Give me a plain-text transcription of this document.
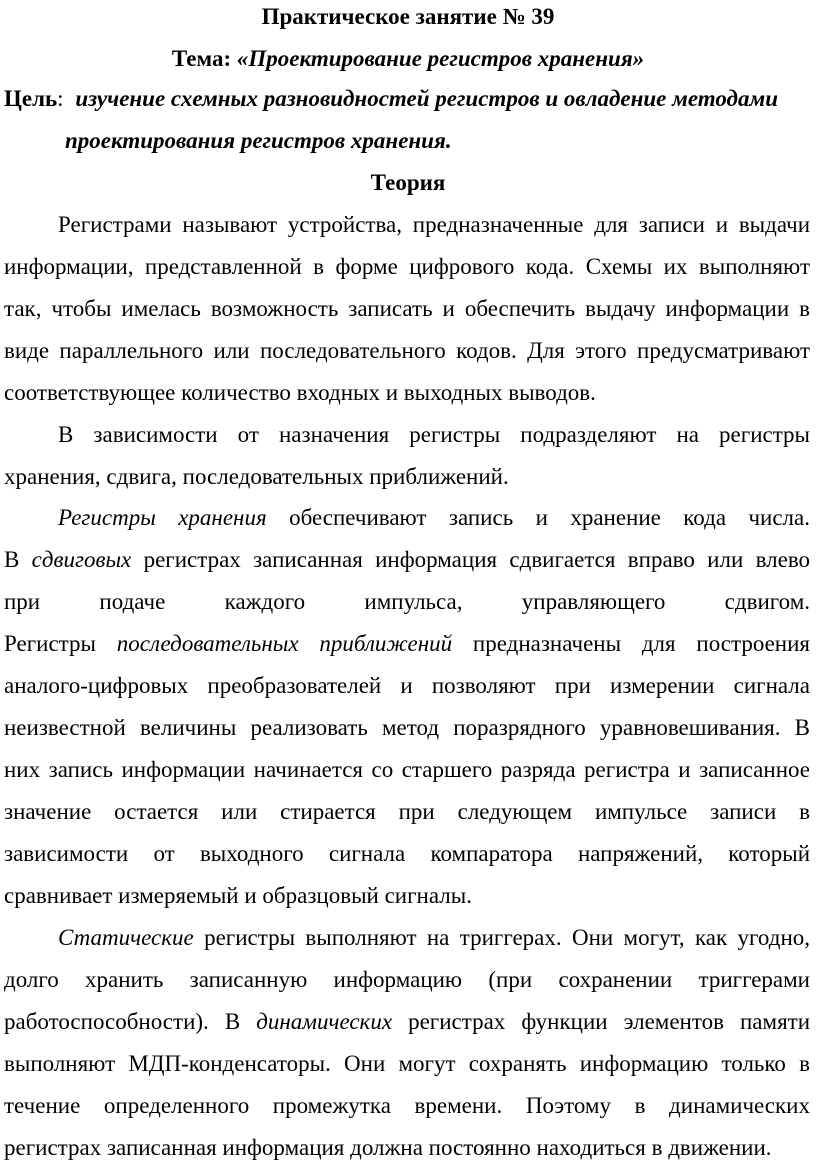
Практическое занятие № 39
Тема: «Проектирование регистров хранения»
Цель: изучение схемных разновидностей регистров и овладение методами
проектирования регистров хранения.
Теория
Регистрами называют устройства, предназначенные для записи и выдачи
информации, представленной в форме цифрового кода. Схемы их выполняют
так, чтобы имелась возможность записать и обеспечить выдачу информации в
виде параллельного или последовательного кодов. Для этого предусматривают
соответствующее количество входных и выходных выводов.
В зависимости от назначения регистры подразделяют на регистры
хранения, сдвига, последовательных приближений.
Регистры хранения обеспечивают запись и хранение кода числа.
В сдвиговых регистрах записанная информация сдвигается вправо или влево
при подаче каждого импульса, управляющего сдвигом.
Регистры последовательных приближений предназначены для построения
аналого-цифровых преобразователей и позволяют при измерении сигнала
неизвестной величины реализовать метод поразрядного уравновешивания. В
них запись информации начинается со старшего разряда регистра и записанное
значение остается или стирается при следующем импульсе записи в
зависимости от выходного сигнала компаратора напряжений, который
сравнивает измеряемый и образцовый сигналы.
Статические регистры выполняют на триггерах. Они могут, как угодно,
долго хранить записанную информацию (при сохранении триггерами
работоспособности). В динамических регистрах функции элементов памяти
выполняют МДП-конденсаторы. Они могут сохранять информацию только в
течение определенного промежутка времени. Поэтому в динамических
регистрах записанная информация должна постоянно находиться в движении.
